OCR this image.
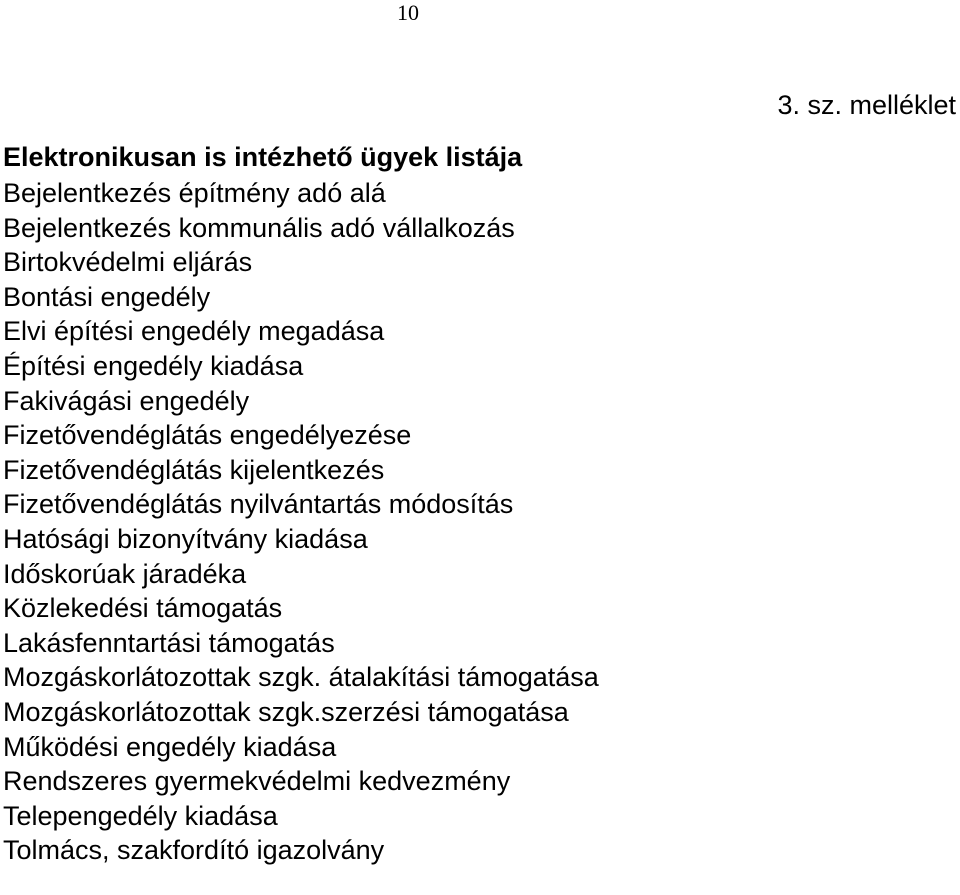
10
3. sz. melléklet
Elektronikusan is intézhető ügyek listája
Bejelentkezés építmény adó alá
Bejelentkezés kommunális adó vállalkozás
Birtokvédelmi eljárás
Bontási engedély
Elvi építési engedély megadása
Építési engedély kiadása
Fakivágási engedély
Fizetővendéglátás engedélyezése
Fizetővendéglátás kijelentkezés
Fizetővendéglátás nyilvántartás módosítás
Hatósági bizonyítvány kiadása
Időskorúak járadéka
Közlekedési támogatás
Lakásfenntartási támogatás
Mozgáskorlátozottak szgk. átalakítási támogatása
Mozgáskorlátozottak szgk.szerzési támogatása
Működési engedély kiadása
Rendszeres gyermekvédelmi kedvezmény
Telepengedély kiadása
Tolmács, szakfordító igazolvány
